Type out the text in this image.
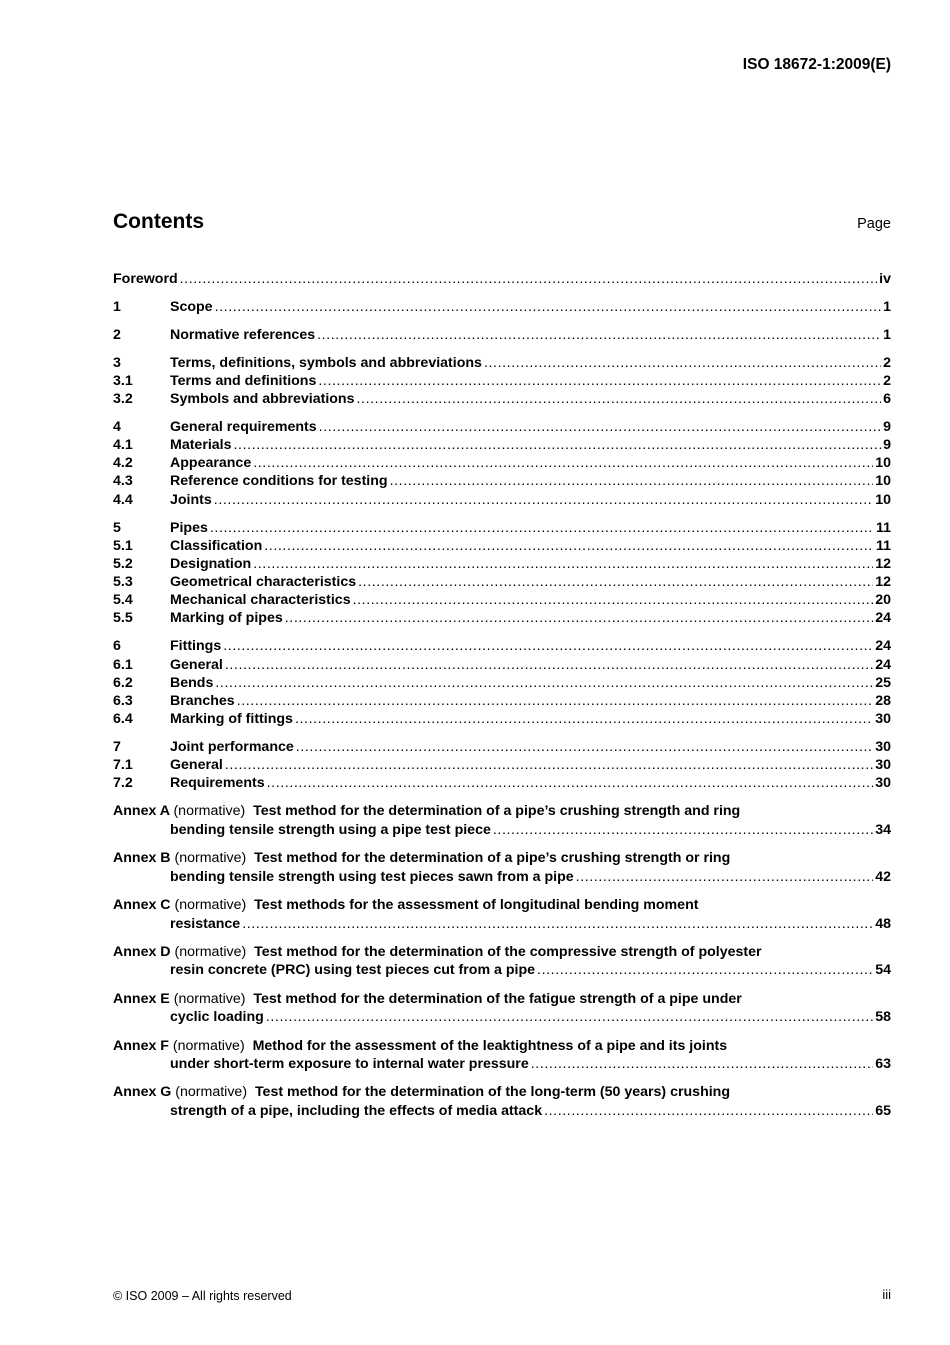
ISO 18672-1:2009(E)
Contents	Page
Foreword .....	iv
1	Scope .....	1
2	Normative references .....	1
3	Terms, definitions, symbols and abbreviations .....	2
3.1	Terms and definitions .....	2
3.2	Symbols and abbreviations .....	6
4	General requirements .....	9
4.1	Materials .....	9
4.2	Appearance .....	10
4.3	Reference conditions for testing .....	10
4.4	Joints .....	10
5	Pipes .....	11
5.1	Classification .....	11
5.2	Designation .....	12
5.3	Geometrical characteristics .....	12
5.4	Mechanical characteristics .....	20
5.5	Marking of pipes .....	24
6	Fittings .....	24
6.1	General .....	24
6.2	Bends .....	25
6.3	Branches .....	28
6.4	Marking of fittings .....	30
7	Joint performance .....	30
7.1	General .....	30
7.2	Requirements .....	30
Annex A (normative) Test method for the determination of a pipe’s crushing strength and ring
bending tensile strength using a pipe test piece .....	34
Annex B (normative) Test method for the determination of a pipe’s crushing strength or ring
bending tensile strength using test pieces sawn from a pipe .....	42
Annex C (normative) Test methods for the assessment of longitudinal bending moment
resistance .....	48
Annex D (normative) Test method for the determination of the compressive strength of polyester
resin concrete (PRC) using test pieces cut from a pipe .....	54
Annex E (normative) Test method for the determination of the fatigue strength of a pipe under
cyclic loading .....	58
Annex F (normative) Method for the assessment of the leaktightness of a pipe and its joints
under short-term exposure to internal water pressure .....	63
Annex G (normative) Test method for the determination of the long-term (50 years) crushing
strength of a pipe, including the effects of media attack .....	65
© ISO 2009 – All rights reserved	iii
